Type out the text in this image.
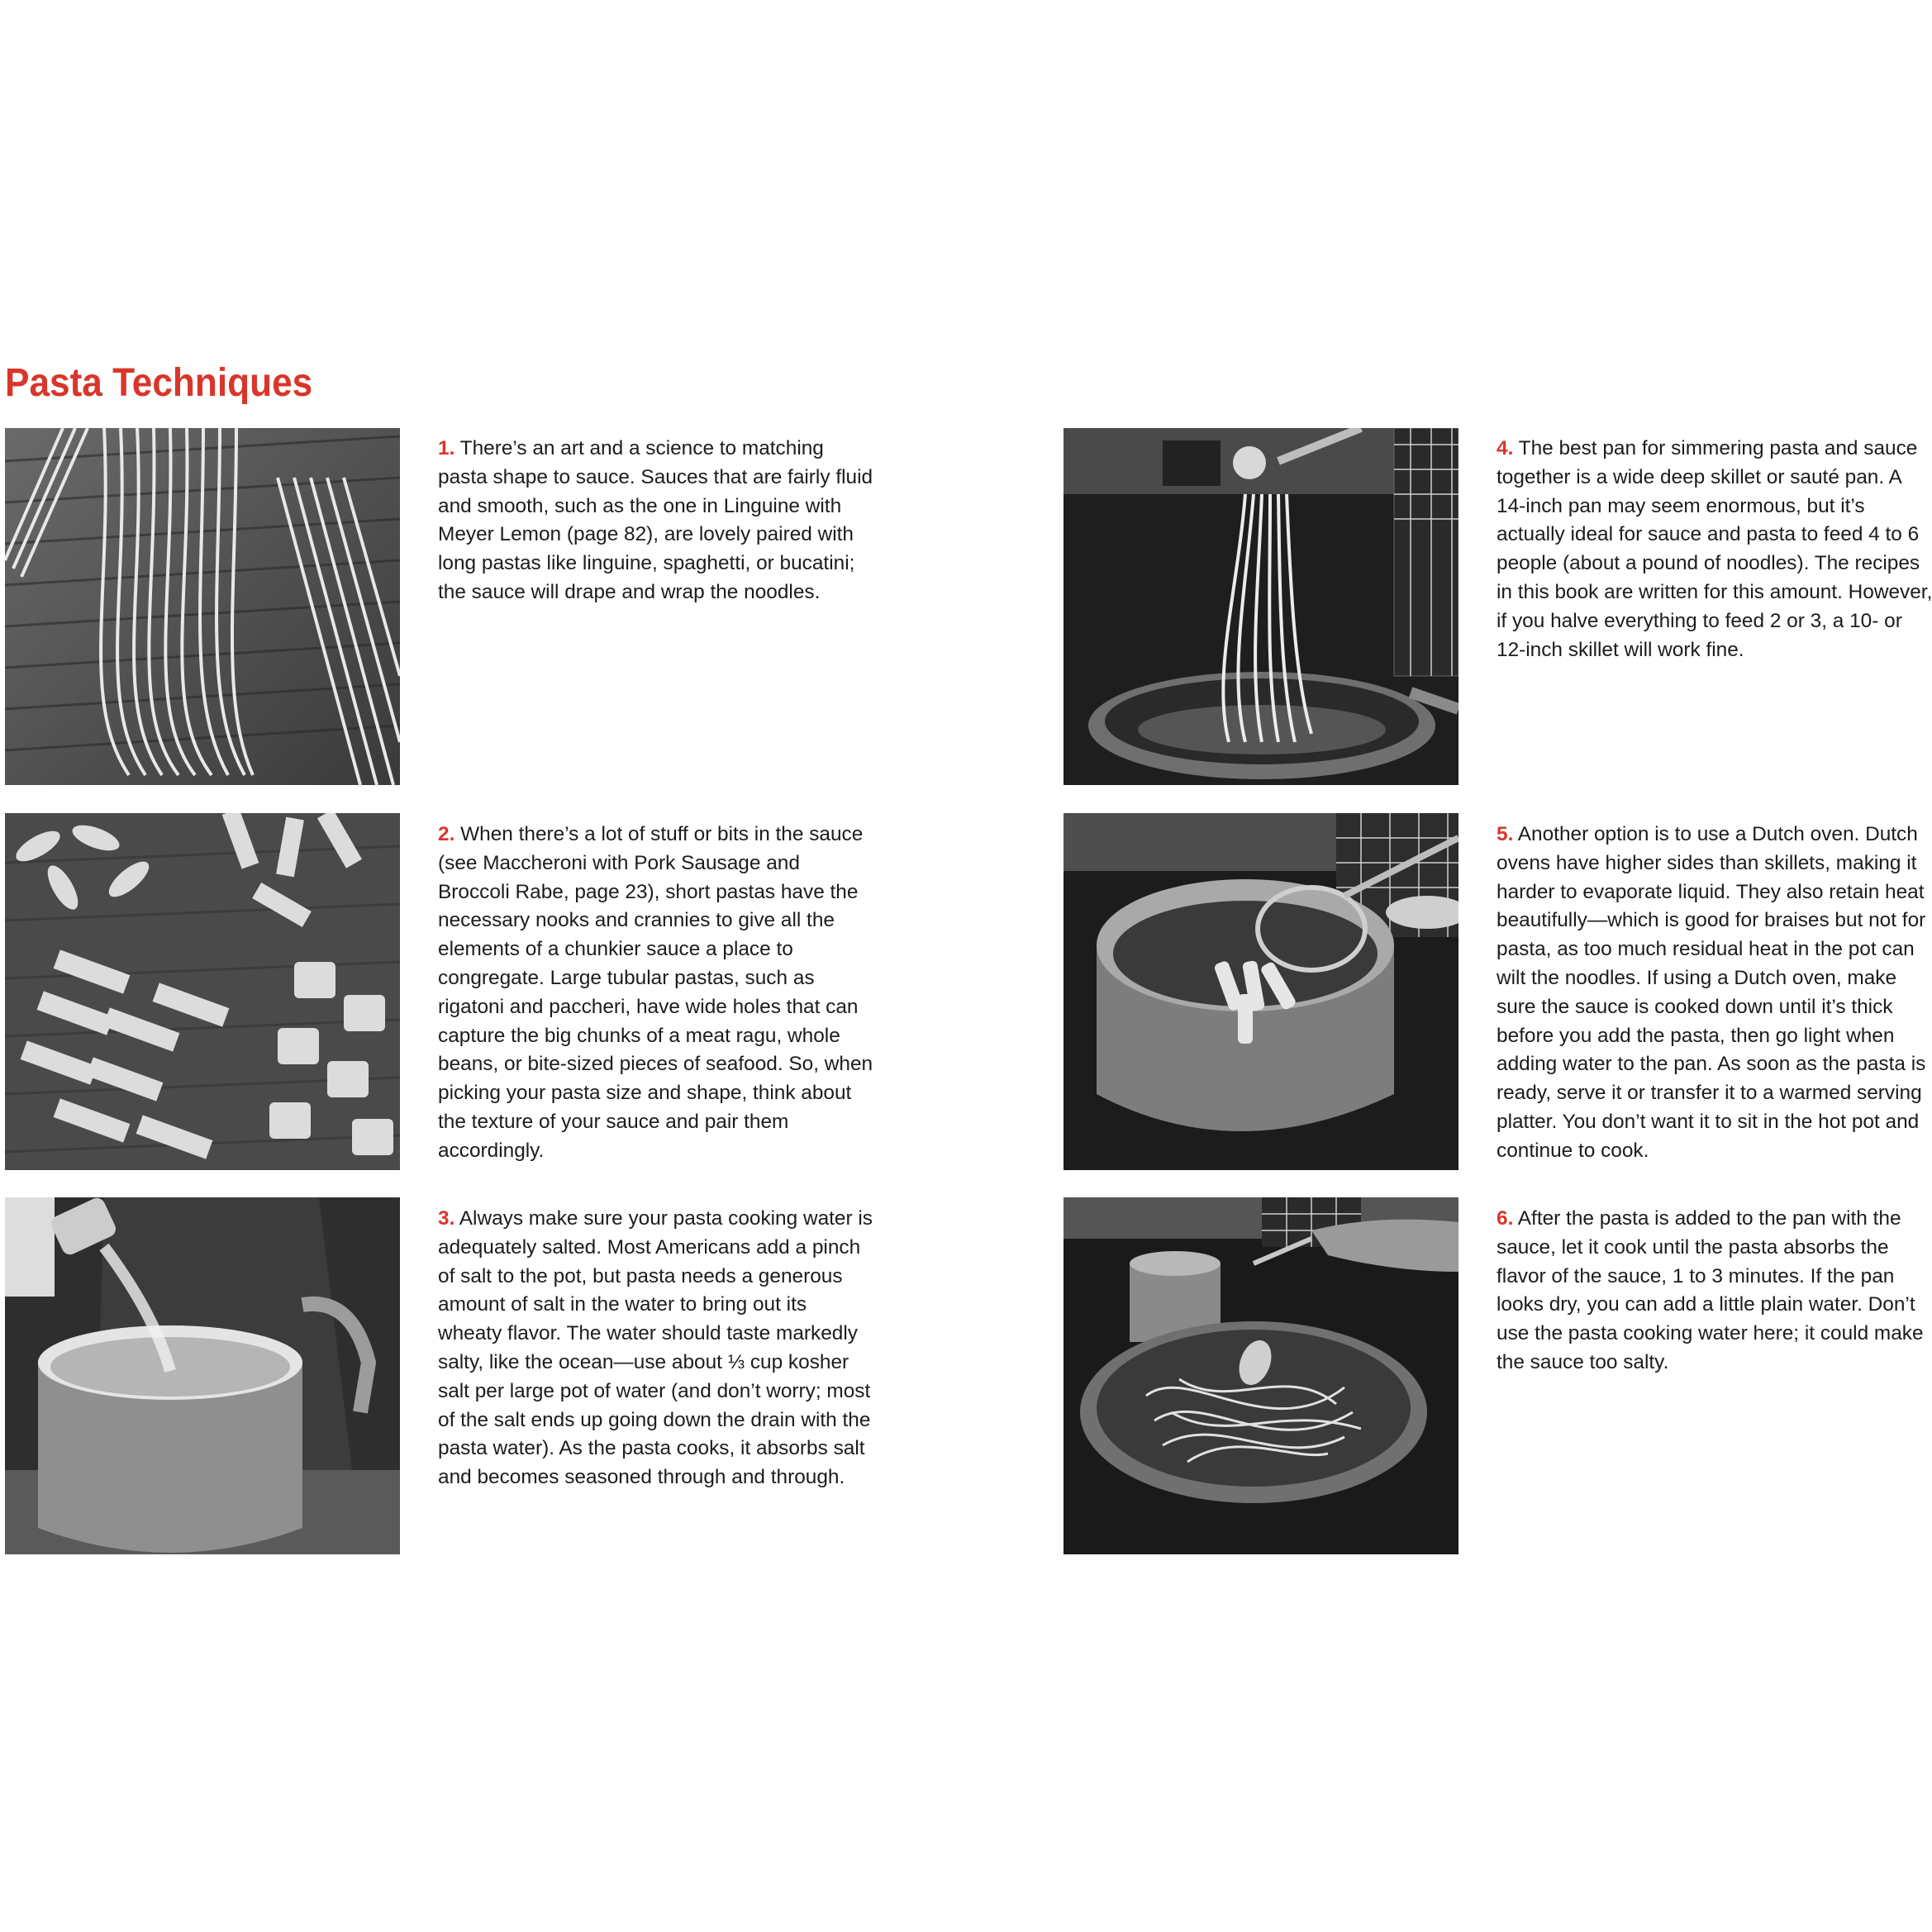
Pasta Techniques

1. There’s an art and a science to matching pasta shape to sauce. Sauces that are fairly fluid and smooth, such as the one in Linguine with Meyer Lemon (page 82), are lovely paired with long pastas like linguine, spaghetti, or bucatini; the sauce will drape and wrap the noodles.

2. When there’s a lot of stuff or bits in the sauce (see Maccheroni with Pork Sausage and Broccoli Rabe, page 23), short pastas have the necessary nooks and crannies to give all the elements of a chunkier sauce a place to congregate. Large tubular pastas, such as rigatoni and paccheri, have wide holes that can capture the big chunks of a meat ragu, whole beans, or bite-sized pieces of seafood. So, when picking your pasta size and shape, think about the texture of your sauce and pair them accordingly.

3. Always make sure your pasta cooking water is adequately salted. Most Americans add a pinch of salt to the pot, but pasta needs a generous amount of salt in the water to bring out its wheaty flavor. The water should taste markedly salty, like the ocean—use about ⅓ cup kosher salt per large pot of water (and don’t worry; most of the salt ends up going down the drain with the pasta water). As the pasta cooks, it absorbs salt and becomes seasoned through and through.

4. The best pan for simmering pasta and sauce together is a wide deep skillet or sauté pan. A 14-inch pan may seem enormous, but it’s actually ideal for sauce and pasta to feed 4 to 6 people (about a pound of noodles). The recipes in this book are written for this amount. However, if you halve everything to feed 2 or 3, a 10- or 12-inch skillet will work fine.

5. Another option is to use a Dutch oven. Dutch ovens have higher sides than skillets, making it harder to evaporate liquid. They also retain heat beautifully—which is good for braises but not for pasta, as too much residual heat in the pot can wilt the noodles. If using a Dutch oven, make sure the sauce is cooked down until it’s thick before you add the pasta, then go light when adding water to the pan. As soon as the pasta is ready, serve it or transfer it to a warmed serving platter. You don’t want it to sit in the hot pot and continue to cook.

6. After the pasta is added to the pan with the sauce, let it cook until the pasta absorbs the flavor of the sauce, 1 to 3 minutes. If the pan looks dry, you can add a little plain water. Don’t use the pasta cooking water here; it could make the sauce too salty.
